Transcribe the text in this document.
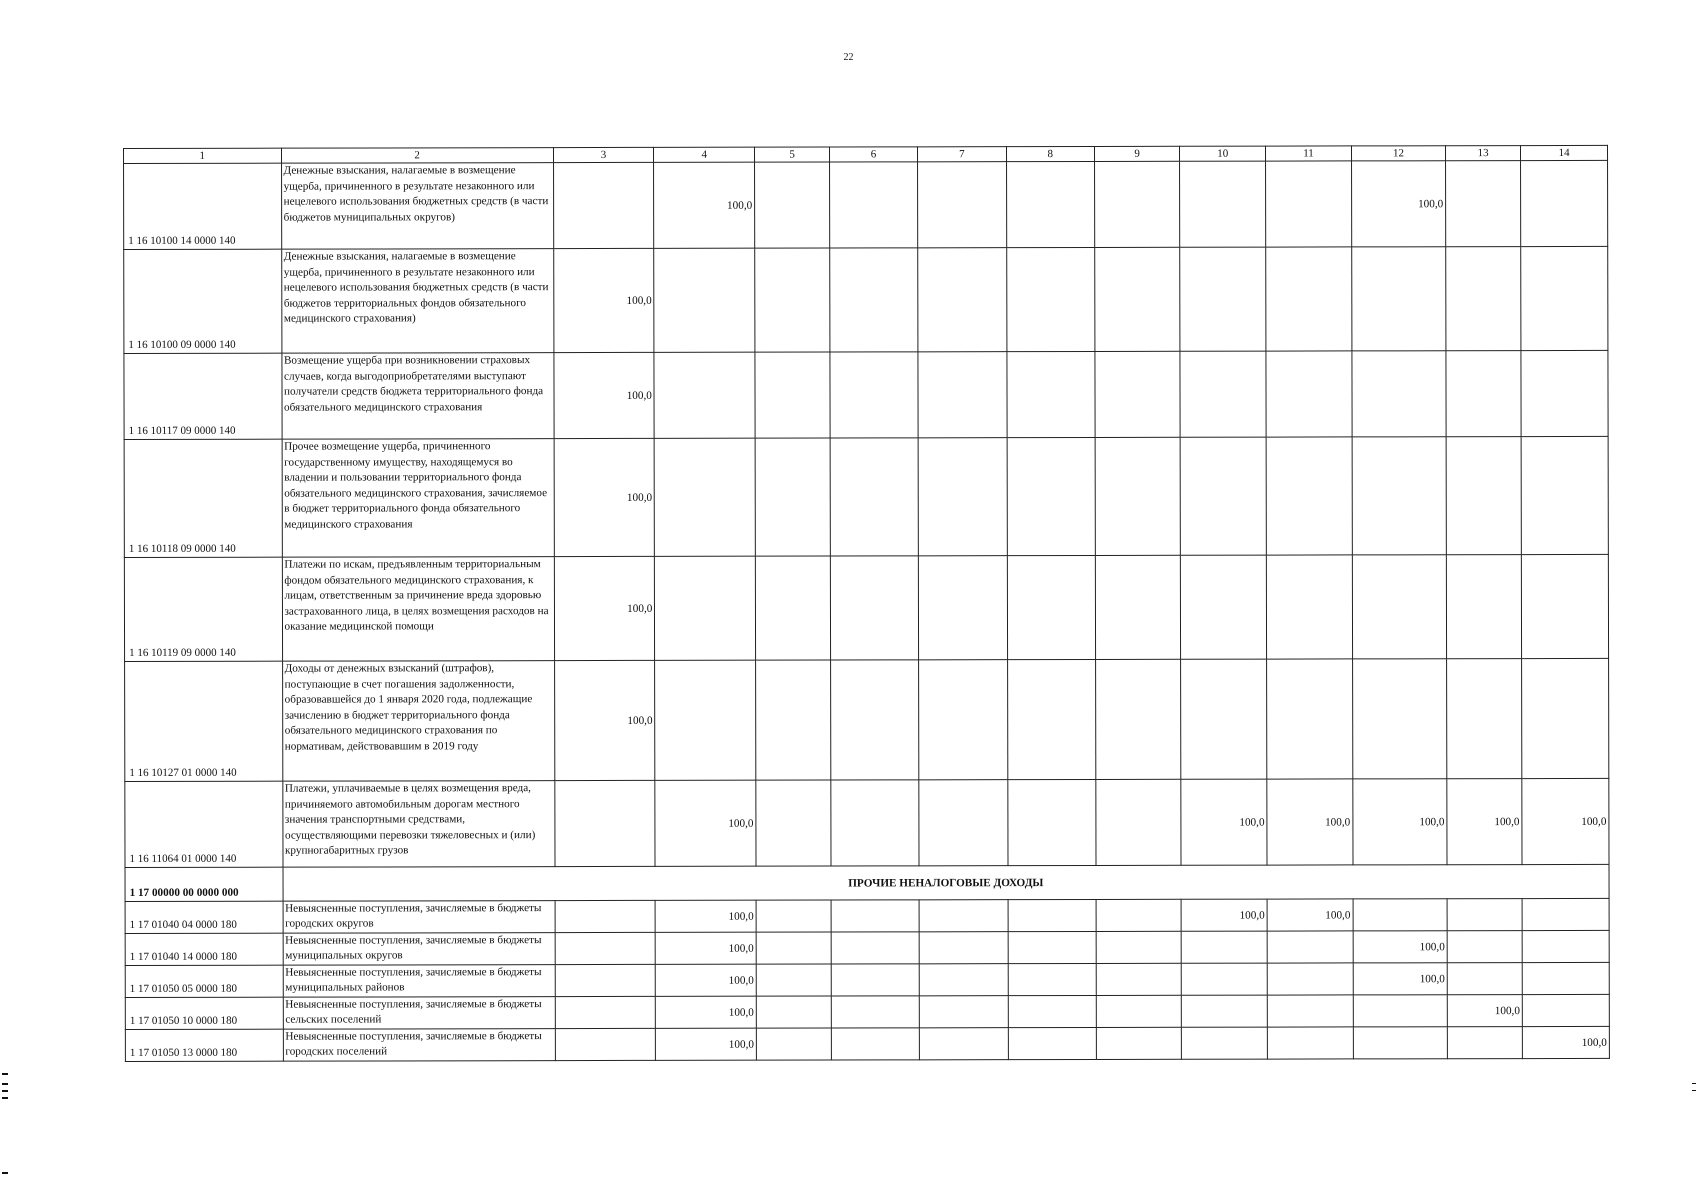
22
1	2	3	4	5	6	7	8	9	10	11	12	13	14
1 16 10100 14 0000 140	Денежные взыскания, налагаемые в возмещение ущерба, причиненного в результате незаконного или нецелевого использования бюджетных средств (в части бюджетов муниципальных округов)		100,0								100,0		
1 16 10100 09 0000 140	Денежные взыскания, налагаемые в возмещение ущерба, причиненного в результате незаконного или нецелевого использования бюджетных средств (в части бюджетов территориальных фондов обязательного медицинского страхования)	100,0											
1 16 10117 09 0000 140	Возмещение ущерба при возникновении страховых случаев, когда выгодоприобретателями выступают получатели средств бюджета территориального фонда обязательного медицинского страхования	100,0											
1 16 10118 09 0000 140	Прочее возмещение ущерба, причиненного государственному имуществу, находящемуся во владении и пользовании территориального фонда обязательного медицинского страхования, зачисляемое в бюджет территориального фонда обязательного медицинского страхования	100,0											
1 16 10119 09 0000 140	Платежи по искам, предъявленным территориальным фондом обязательного медицинского страхования, к лицам, ответственным за причинение вреда здоровью застрахованного лица, в целях возмещения расходов на оказание медицинской помощи	100,0											
1 16 10127 01 0000 140	Доходы от денежных взысканий (штрафов), поступающие в счет погашения задолженности, образовавшейся до 1 января 2020 года, подлежащие зачислению в бюджет территориального фонда обязательного медицинского страхования по нормативам, действовавшим в 2019 году	100,0											
1 16 11064 01 0000 140	Платежи, уплачиваемые в целях возмещения вреда, причиняемого автомобильным дорогам местного значения транспортными средствами, осуществляющими перевозки тяжеловесных и (или) крупногабаритных грузов		100,0						100,0	100,0	100,0	100,0	100,0
1 17 00000 00 0000 000	ПРОЧИЕ НЕНАЛОГОВЫЕ ДОХОДЫ												
1 17 01040 04 0000 180	Невыясненные поступления, зачисляемые в бюджеты городских округов		100,0						100,0	100,0			
1 17 01040 14 0000 180	Невыясненные поступления, зачисляемые в бюджеты муниципальных округов		100,0								100,0		
1 17 01050 05 0000 180	Невыясненные поступления, зачисляемые в бюджеты муниципальных районов		100,0								100,0		
1 17 01050 10 0000 180	Невыясненные поступления, зачисляемые в бюджеты сельских поселений		100,0									100,0	
1 17 01050 13 0000 180	Невыясненные поступления, зачисляемые в бюджеты городских поселений		100,0										100,0
